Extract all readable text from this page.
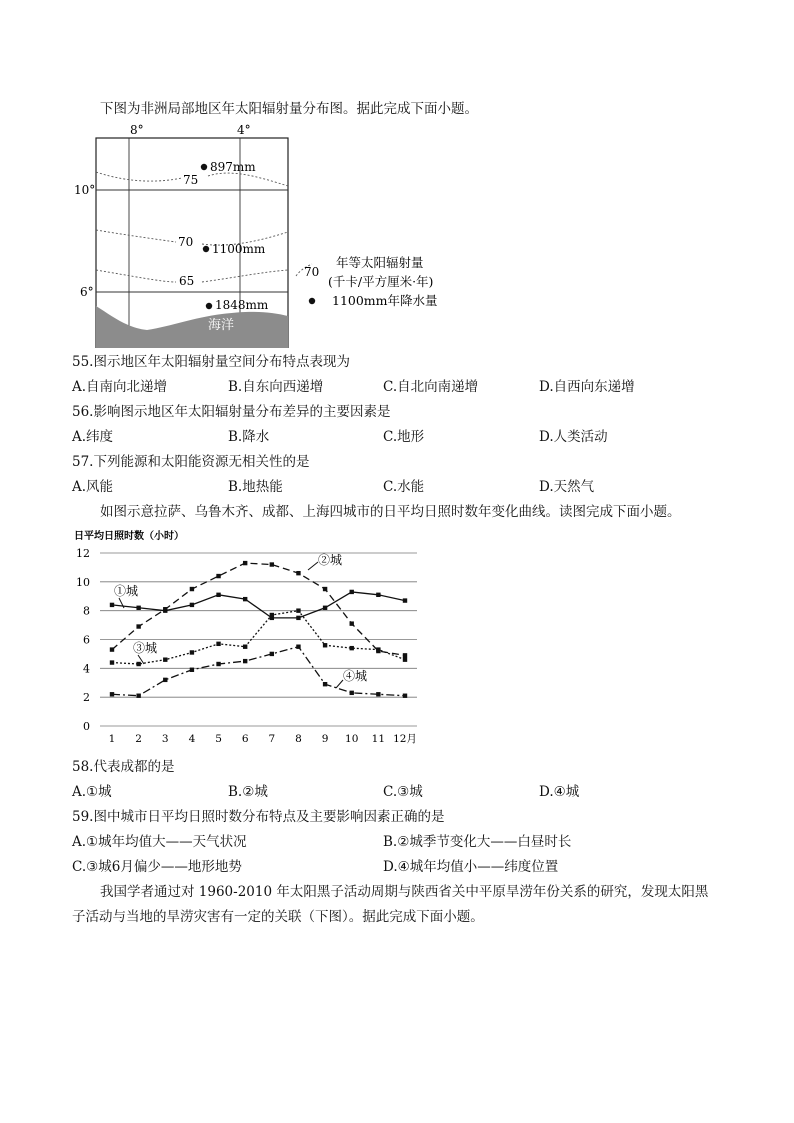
下图为非洲局部地区年太阳辐射量分布图。据此完成下面小题。
8°	4°
10°
6°
75
70
65
897mm
1100mm
1848mm
海洋
70
年等太阳辐射量
(千卡/平方厘米·年)
1100mm年降水量
55.图示地区年太阳辐射量空间分布特点表现为
A.自南向北递增	B.自东向西递增	C.自北向南递增	D.自西向东递增
56.影响图示地区年太阳辐射量分布差异的主要因素是
A.纬度	B.降水	C.地形	D.人类活动
57.下列能源和太阳能资源无相关性的是
A.风能	B.地热能	C.水能	D.天然气
如图示意拉萨、乌鲁木齐、成都、上海四城市的日平均日照时数年变化曲线。读图完成下面小题。
日平均日照时数（小时）
0
2
4
6
8
10
12
1 2 3 4 5 6 7 8 9 10 11 12月
①城
②城
③城
④城
58.代表成都的是
A.①城	B.②城	C.③城	D.④城
59.图中城市日平均日照时数分布特点及主要影响因素正确的是
A.①城年均值大——天气状况	B.②城季节变化大——白昼时长
C.③城6月偏少——地形地势	D.④城年均值小——纬度位置
我国学者通过对 1960-2010 年太阳黑子活动周期与陕西省关中平原旱涝年份关系的研究，发现太阳黑
子活动与当地的旱涝灾害有一定的关联（下图）。据此完成下面小题。
